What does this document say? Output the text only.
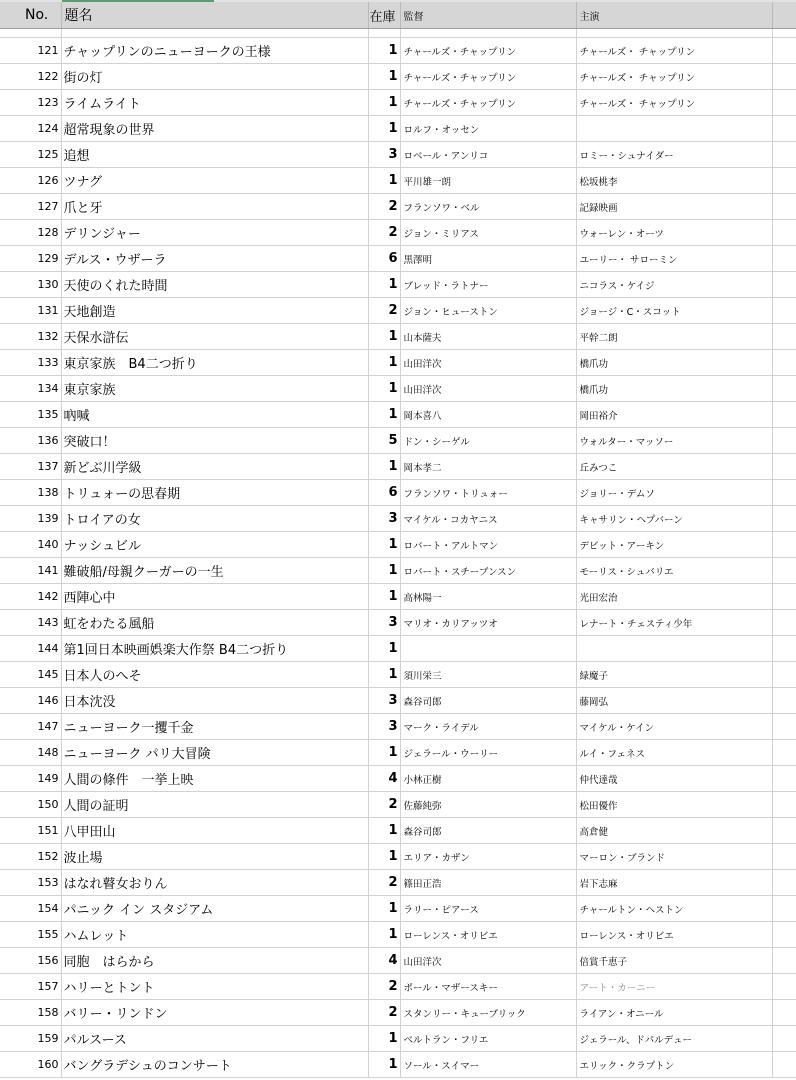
No.	題名	在庫	監督	主演	

121	チャップリンのニューヨークの王様	1	チャールズ・チャップリン	チャールズ・ チャップリン	
122	街の灯	1	チャールズ・チャップリン	チャールズ・ チャップリン	
123	ライムライト	1	チャールズ・チャップリン	チャールズ・ チャップリン	
124	超常現象の世界	1	ロルフ・オッセン		
125	追想	3	ロベール・アンリコ	ロミー・シュナイダー	
126	ツナグ	1	平川雄一朗	松坂桃李	
127	爪と牙	2	フランソワ・ベル	記録映画	
128	デリンジャー	2	ジョン・ミリアス	ウォーレン・オーツ	
129	デルス・ウザーラ	6	黒澤明	ユーリー・ サローミン	
130	天使のくれた時間	1	ブレッド・ラトナー	ニコラス・ケイジ	
131	天地創造	2	ジョン・ヒューストン	ジョージ・C・スコット	
132	天保水滸伝	1	山本薩夫	平幹二朗	
133	東京家族　B4二つ折り	1	山田洋次	橋爪功	
134	東京家族	1	山田洋次	橋爪功	
135	吶喊	1	岡本喜八	岡田裕介	
136	突破口！	5	ドン・シーゲル	ウォルター・マッソー	
137	新どぶ川学級	1	岡本孝二	丘みつこ	
138	トリュォーの思春期	6	フランソワ・トリュォー	ジョリー・デムソ	
139	トロイアの女	3	マイケル・コカヤニス	キャサリン・ヘプバーン	
140	ナッシュビル	1	ロバート・アルトマン	デビット・アーキン	
141	難破船/母親クーガーの一生	1	ロバート・スチーブンスン	モーリス・シュバリエ	
142	西陣心中	1	高林陽一	光田宏治	
143	虹をわたる風船	3	マリオ・カリアッツオ	レナート・チェスティ少年	
144	第1回日本映画娯楽大作祭 B4二つ折り	1			
145	日本人のへそ	1	須川栄三	緑魔子	
146	日本沈没	3	森谷司郎	藤岡弘	
147	ニューヨーク一攫千金	3	マーク・ライデル	マイケル・ケイン	
148	ニューヨーク パリ大冒険	1	ジェラール・ウーリー	ルイ・フェネス	
149	人間の條件　一挙上映	4	小林正樹	仲代達哉	
150	人間の証明	2	佐藤純弥	松田優作	
151	八甲田山	1	森谷司郎	高倉健	
152	波止場	1	エリア・カザン	マーロン・ブランド	
153	はなれ瞽女おりん	2	篠田正浩	岩下志麻	
154	パニック イン スタジアム	1	ラリー・ピアース	チャールトン・ヘストン	
155	ハムレット	1	ローレンス・オリビエ	ローレンス・オリビエ	
156	同胞　はらから	4	山田洋次	倍賞千恵子	
157	ハリーとトント	2	ポール・マザースキー	アート・カーニー	
158	バリー・リンドン	2	スタンリー・キューブリック	ライアン・オニール	
159	パルスース	1	ベルトラン・フリエ	ジェラール、ドパルデュー	
160	バングラデシュのコンサート	1	ソール・スイマー	エリック・クラプトン	
